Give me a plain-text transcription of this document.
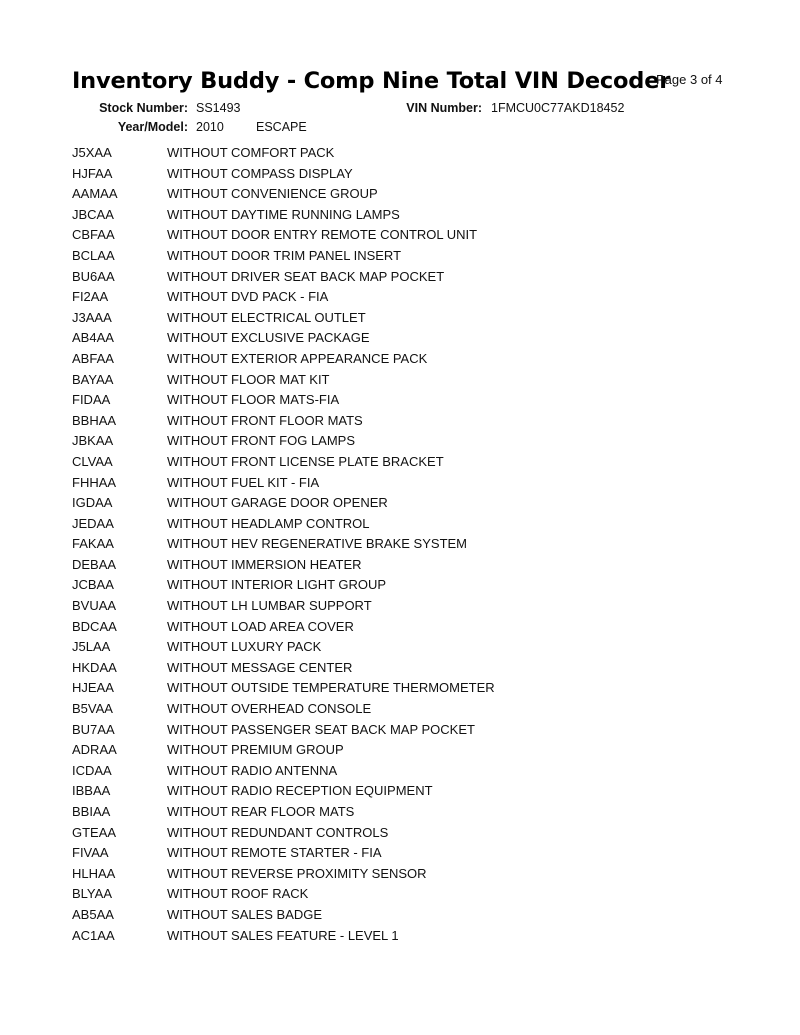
Inventory Buddy - Comp Nine Total VIN Decoder
Page 3 of 4
Stock Number: SS1493	VIN Number: 1FMCU0C77AKD18452
Year/Model: 2010	ESCAPE
J5XAA	WITHOUT COMFORT PACK
HJFAA	WITHOUT COMPASS DISPLAY
AAMAA	WITHOUT CONVENIENCE GROUP
JBCAA	WITHOUT DAYTIME RUNNING LAMPS
CBFAA	WITHOUT DOOR ENTRY REMOTE CONTROL UNIT
BCLAA	WITHOUT DOOR TRIM PANEL INSERT
BU6AA	WITHOUT DRIVER SEAT BACK MAP POCKET
FI2AA	WITHOUT DVD PACK - FIA
J3AAA	WITHOUT ELECTRICAL OUTLET
AB4AA	WITHOUT EXCLUSIVE PACKAGE
ABFAA	WITHOUT EXTERIOR APPEARANCE PACK
BAYAA	WITHOUT FLOOR MAT KIT
FIDAA	WITHOUT FLOOR MATS-FIA
BBHAA	WITHOUT FRONT FLOOR MATS
JBKAA	WITHOUT FRONT FOG LAMPS
CLVAA	WITHOUT FRONT LICENSE PLATE BRACKET
FHHAA	WITHOUT FUEL KIT - FIA
IGDAA	WITHOUT GARAGE DOOR OPENER
JEDAA	WITHOUT HEADLAMP CONTROL
FAKAA	WITHOUT HEV REGENERATIVE BRAKE SYSTEM
DEBAA	WITHOUT IMMERSION HEATER
JCBAA	WITHOUT INTERIOR LIGHT GROUP
BVUAA	WITHOUT LH LUMBAR SUPPORT
BDCAA	WITHOUT LOAD AREA COVER
J5LAA	WITHOUT LUXURY PACK
HKDAA	WITHOUT MESSAGE CENTER
HJEAA	WITHOUT OUTSIDE TEMPERATURE THERMOMETER
B5VAA	WITHOUT OVERHEAD CONSOLE
BU7AA	WITHOUT PASSENGER SEAT BACK MAP POCKET
ADRAA	WITHOUT PREMIUM GROUP
ICDAA	WITHOUT RADIO ANTENNA
IBBAA	WITHOUT RADIO RECEPTION EQUIPMENT
BBIAA	WITHOUT REAR FLOOR MATS
GTEAA	WITHOUT REDUNDANT CONTROLS
FIVAA	WITHOUT REMOTE STARTER - FIA
HLHAA	WITHOUT REVERSE PROXIMITY SENSOR
BLYAA	WITHOUT ROOF RACK
AB5AA	WITHOUT SALES BADGE
AC1AA	WITHOUT SALES FEATURE - LEVEL 1
